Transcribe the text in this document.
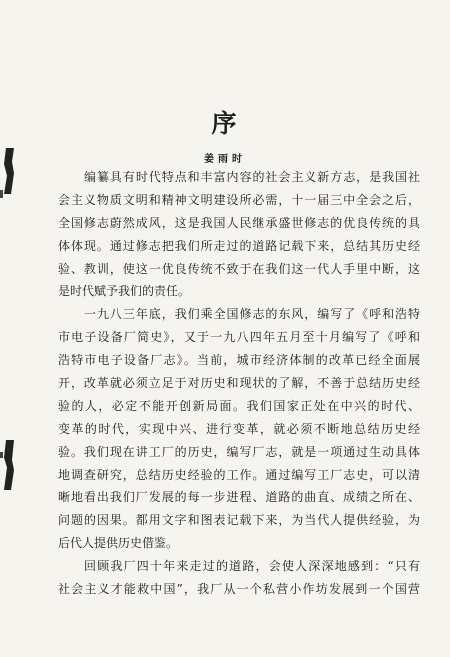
序
姜雨时
编纂具有时代特点和丰富内容的社会主义新方志，是我国社
会主义物质文明和精神文明建设所必需，十一届三中全会之后，
全国修志蔚然成风，这是我国人民继承盛世修志的优良传统的具
体体现。通过修志把我们所走过的道路记载下来，总结其历史经
验、教训，使这一优良传统不致于在我们这一代人手里中断，这
是时代赋予我们的责任。
一九八三年底，我们乘全国修志的东风，编写了《呼和浩特
市电子设备厂简史》，又于一九八四年五月至十月编写了《呼和
浩特市电子设备厂志》。当前，城市经济体制的改革已经全面展
开，改革就必须立足于对历史和现状的了解，不善于总结历史经
验的人，必定不能开创新局面。我们国家正处在中兴的时代、
变革的时代，实现中兴、进行变革，就必须不断地总结历史经
验。我们现在讲工厂的历史，编写厂志，就是一项通过生动具体
地调查研究，总结历史经验的工作。通过编写工厂志史，可以清
晰地看出我们厂发展的每一步进程、道路的曲直、成绩之所在、
问题的因果。都用文字和图表记载下来，为当代人提供经验，为
后代人提供历史借鉴。
回顾我厂四十年来走过的道路，会使人深深地感到：“只有
社会主义才能救中国”，我厂从一个私营小作坊发展到一个国营
